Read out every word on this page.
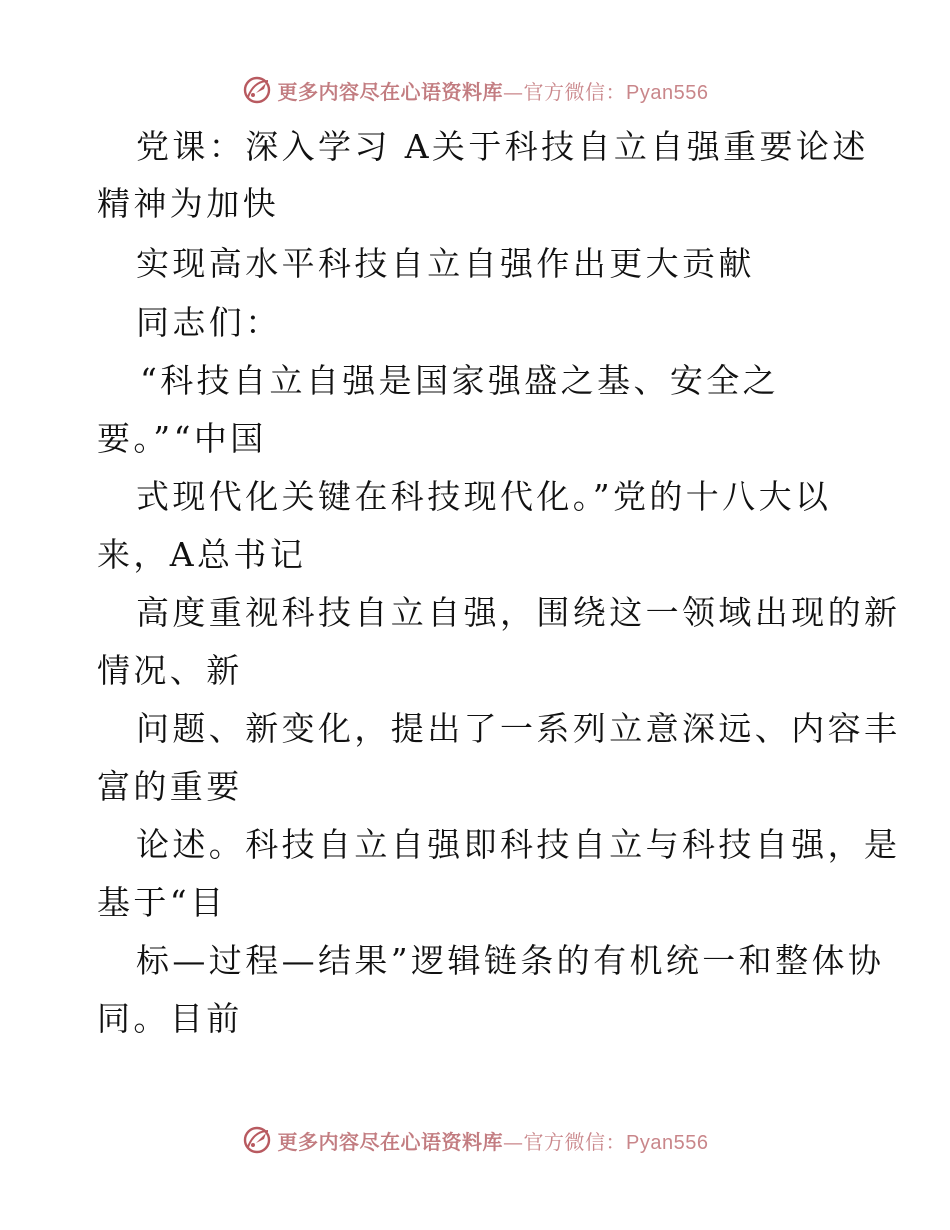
更多内容尽在心语资料库—官方微信：Pyan556
党课：深入学习 A关于科技自立自强重要论述
精神为加快
实现高水平科技自立自强作出更大贡献
同志们：
“科技自立自强是国家强盛之基、安全之
要。”“中国
式现代化关键在科技现代化。”党的十八大以
来，A总书记
高度重视科技自立自强，围绕这一领域出现的新
情况、新
问题、新变化，提出了一系列立意深远、内容丰
富的重要
论述。科技自立自强即科技自立与科技自强，是
基于“目
标—过程—结果”逻辑链条的有机统一和整体协
同。目前
更多内容尽在心语资料库—官方微信：Pyan556
